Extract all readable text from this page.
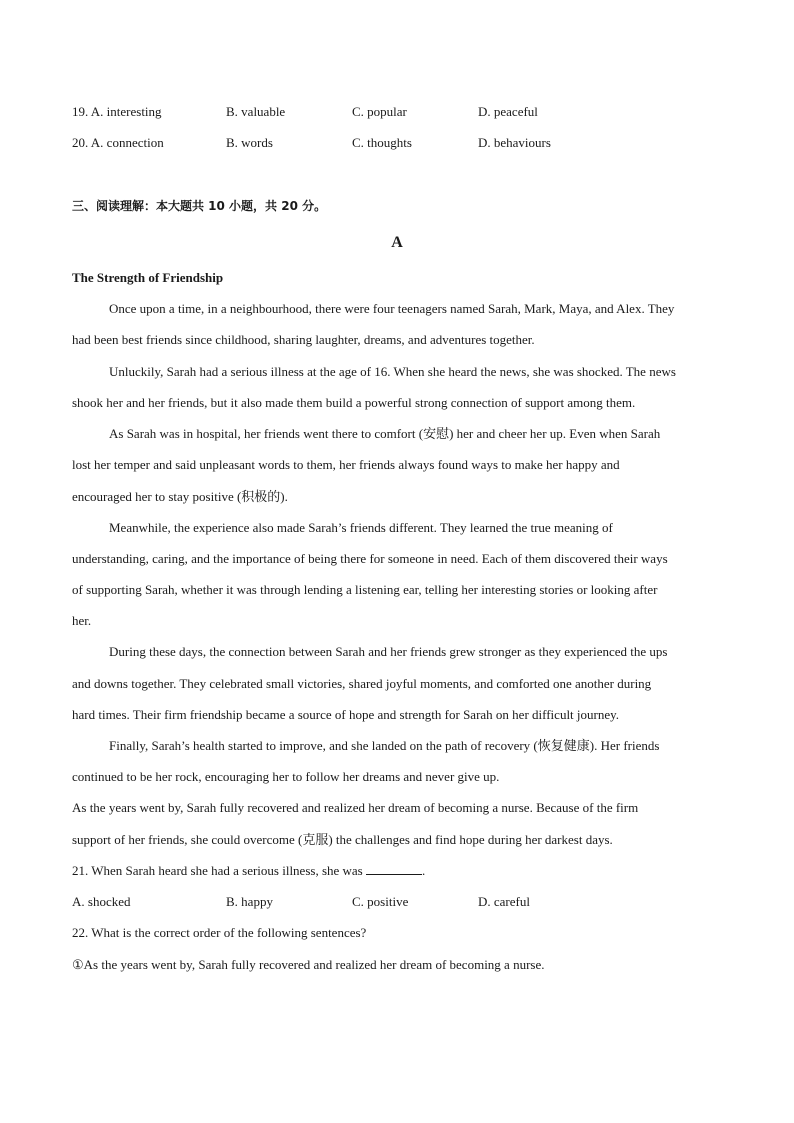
19. A. interesting	B. valuable	C. popular	D. peaceful
20. A. connection	B. words	C. thoughts	D. behaviours
三、阅读理解：本大题共 10 小题，共 20 分。
A
The Strength of Friendship
Once upon a time, in a neighbourhood, there were four teenagers named Sarah, Mark, Maya, and Alex. They
had been best friends since childhood, sharing laughter, dreams, and adventures together.
Unluckily, Sarah had a serious illness at the age of 16. When she heard the news, she was shocked. The news
shook her and her friends, but it also made them build a powerful strong connection of support among them.
As Sarah was in hospital, her friends went there to comfort (安慰) her and cheer her up. Even when Sarah
lost her temper and said unpleasant words to them, her friends always found ways to make her happy and
encouraged her to stay positive (积极的).
Meanwhile, the experience also made Sarah’s friends different. They learned the true meaning of
understanding, caring, and the importance of being there for someone in need. Each of them discovered their ways
of supporting Sarah, whether it was through lending a listening ear, telling her interesting stories or looking after
her.
During these days, the connection between Sarah and her friends grew stronger as they experienced the ups
and downs together. They celebrated small victories, shared joyful moments, and comforted one another during
hard times. Their firm friendship became a source of hope and strength for Sarah on her difficult journey.
Finally, Sarah’s health started to improve, and she landed on the path of recovery (恢复健康). Her friends
continued to be her rock, encouraging her to follow her dreams and never give up.
As the years went by, Sarah fully recovered and realized her dream of becoming a nurse. Because of the firm
support of her friends, she could overcome (克服) the challenges and find hope during her darkest days.
21. When Sarah heard she had a serious illness, she was	.
A. shocked	B. happy	C. positive	D. careful
22. What is the correct order of the following sentences?
①As the years went by, Sarah fully recovered and realized her dream of becoming a nurse.
